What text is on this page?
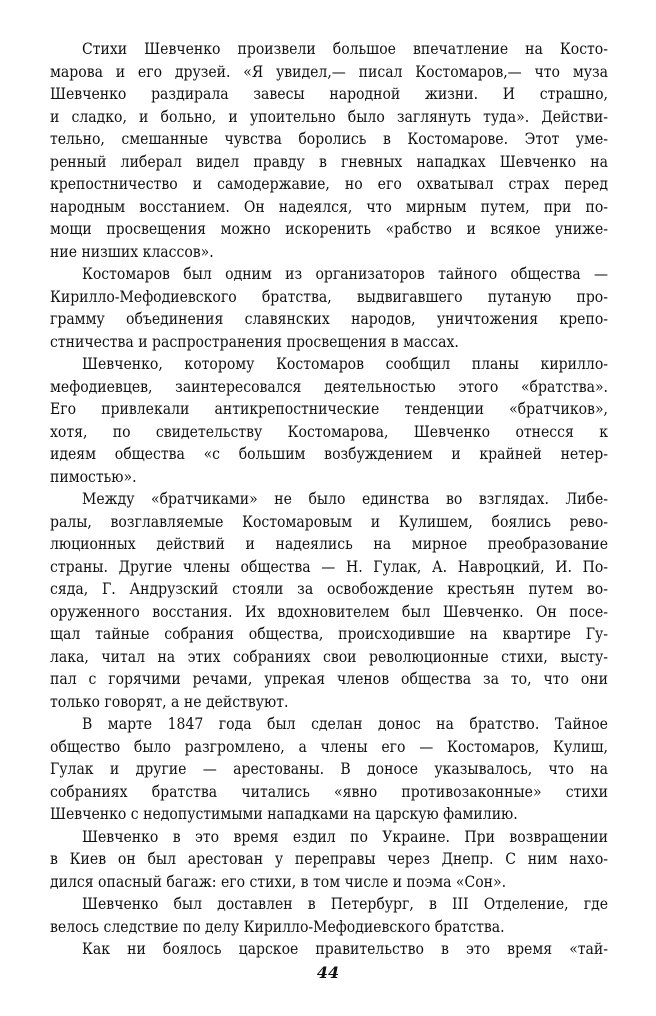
Стихи Шевченко произвели большое впечатление на Косто-
марова и его друзей. «Я увидел,— писал Костомаров,— что муза
Шевченко раздирала завесы народной жизни. И страшно,
и сладко, и больно, и упоительно было заглянуть туда». Действи-
тельно, смешанные чувства боролись в Костомарове. Этот уме-
ренный либерал видел правду в гневных нападках Шевченко на
крепостничество и самодержавие, но его охватывал страх перед
народным восстанием. Он надеялся, что мирным путем, при по-
мощи просвещения можно искоренить «рабство и всякое униже-
ние низших классов».
Костомаров был одним из организаторов тайного общества —
Кирилло-Мефодиевского братства, выдвигавшего путаную про-
грамму объединения славянских народов, уничтожения крепо-
стничества и распространения просвещения в массах.
Шевченко, которому Костомаров сообщил планы кирилло-
мефодиевцев, заинтересовался деятельностью этого «братства».
Его привлекали антикрепостнические тенденции «братчиков»,
хотя, по свидетельству Костомарова, Шевченко отнесся к
идеям общества «с большим возбуждением и крайней нетер-
пимостью».
Между «братчиками» не было единства во взглядах. Либе-
ралы, возглавляемые Костомаровым и Кулишем, боялись рево-
люционных действий и надеялись на мирное преобразование
страны. Другие члены общества — Н. Гулак, А. Навроцкий, И. По-
сяда, Г. Андрузский стояли за освобождение крестьян путем во-
оруженного восстания. Их вдохновителем был Шевченко. Он посе-
щал тайные собрания общества, происходившие на квартире Гу-
лака, читал на этих собраниях свои революционные стихи, высту-
пал с горячими речами, упрекая членов общества за то, что они
только говорят, а не действуют.
В марте 1847 года был сделан донос на братство. Тайное
общество было разгромлено, а члены его — Костомаров, Кулиш,
Гулак и другие — арестованы. В доносе указывалось, что на
собраниях братства читались «явно противозаконные» стихи
Шевченко с недопустимыми нападками на царскую фамилию.
Шевченко в это время ездил по Украине. При возвращении
в Киев он был арестован у переправы через Днепр. С ним нахо-
дился опасный багаж: его стихи, в том числе и поэма «Сон».
Шевченко был доставлен в Петербург, в III Отделение, где
велось следствие по делу Кирилло-Мефодиевского братства.
Как ни боялось царское правительство в это время «тай-
44
